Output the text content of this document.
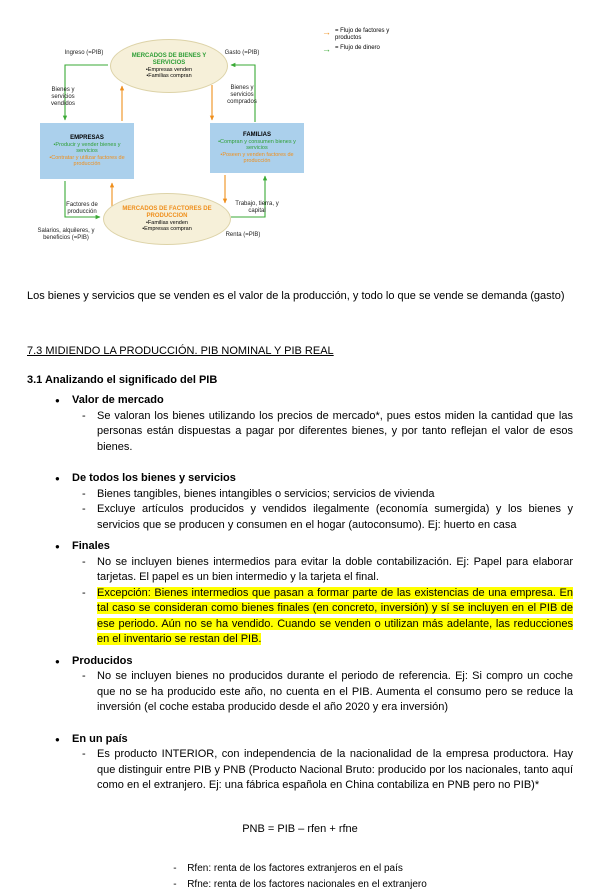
MERCADOS DE BIENES Y SERVICIOS
•Empresas venden
•Familias compran
EMPRESAS
•Producir y vender bienes y servicios
•Contratar y utilizar factores de producción
FAMILIAS
•Compran y consumen bienes y servicios
•Poseen y venden factores de producción
MERCADOS DE FACTORES DE PRODUCCION
•Familias venden
•Empresas compran
Ingreso (=PIB)	Gasto (=PIB)
Bienes y servicios vendidos
Bienes y servicios comprados
Factores de producción
Salarios, alquileres, y beneficios (=PIB)
Trabajo, tierra, y capital
Renta (=PIB)
→ = Flujo de factores y productos
→ = Flujo de dinero

Los bienes y servicios que se venden es el valor de la producción, y todo lo que se vende se demanda (gasto)

7.3 MIDIENDO LA PRODUCCIÓN. PIB NOMINAL Y PIB REAL
3.1 Analizando el significado del PIB
●	Valor de mercado
-	Se valoran los bienes utilizando los precios de mercado*, pues estos miden la cantidad que las personas están dispuestas a pagar por diferentes bienes, y por tanto reflejan el valor de esos bienes.

●	De todos los bienes y servicios
-	Bienes tangibles, bienes intangibles o servicios; servicios de vivienda

-	Excluye artículos producidos y vendidos ilegalmente (economía sumergida) y los bienes y servicios que se producen y consumen en el hogar (autoconsumo). Ej: huerto en casa

●	Finales
-	No se incluyen bienes intermedios para evitar la doble contabilización. Ej: Papel para elaborar tarjetas. El papel es un bien intermedio y la tarjeta el final.

-	Excepción: Bienes intermedios que pasan a formar parte de las existencias de una empresa. En tal caso se consideran como bienes finales (en concreto, inversión) y sí se incluyen en el PIB de ese periodo. Aún no se ha vendido. Cuando se venden o utilizan más adelante, las reducciones en el inventario se restan del PIB.

●	Producidos
-	No se incluyen bienes no producidos durante el periodo de referencia. Ej: Si compro un coche que no se ha producido este año, no cuenta en el PIB. Aumenta el consumo pero se reduce la inversión (el coche estaba producido desde el año 2020 y era inversión)

●	En un país
-	Es producto INTERIOR, con independencia de la nacionalidad de la empresa productora. Hay que distinguir entre PIB y PNB (Producto Nacional Bruto: producido por los nacionales, tanto aquí como en el extranjero. Ej: una fábrica española en China contabiliza en PNB pero no PIB)*

PNB = PIB – rfen + rfne

-	Rfen: renta de los factores extranjeros en el país
-	Rfne: renta de los factores nacionales en el extranjero
